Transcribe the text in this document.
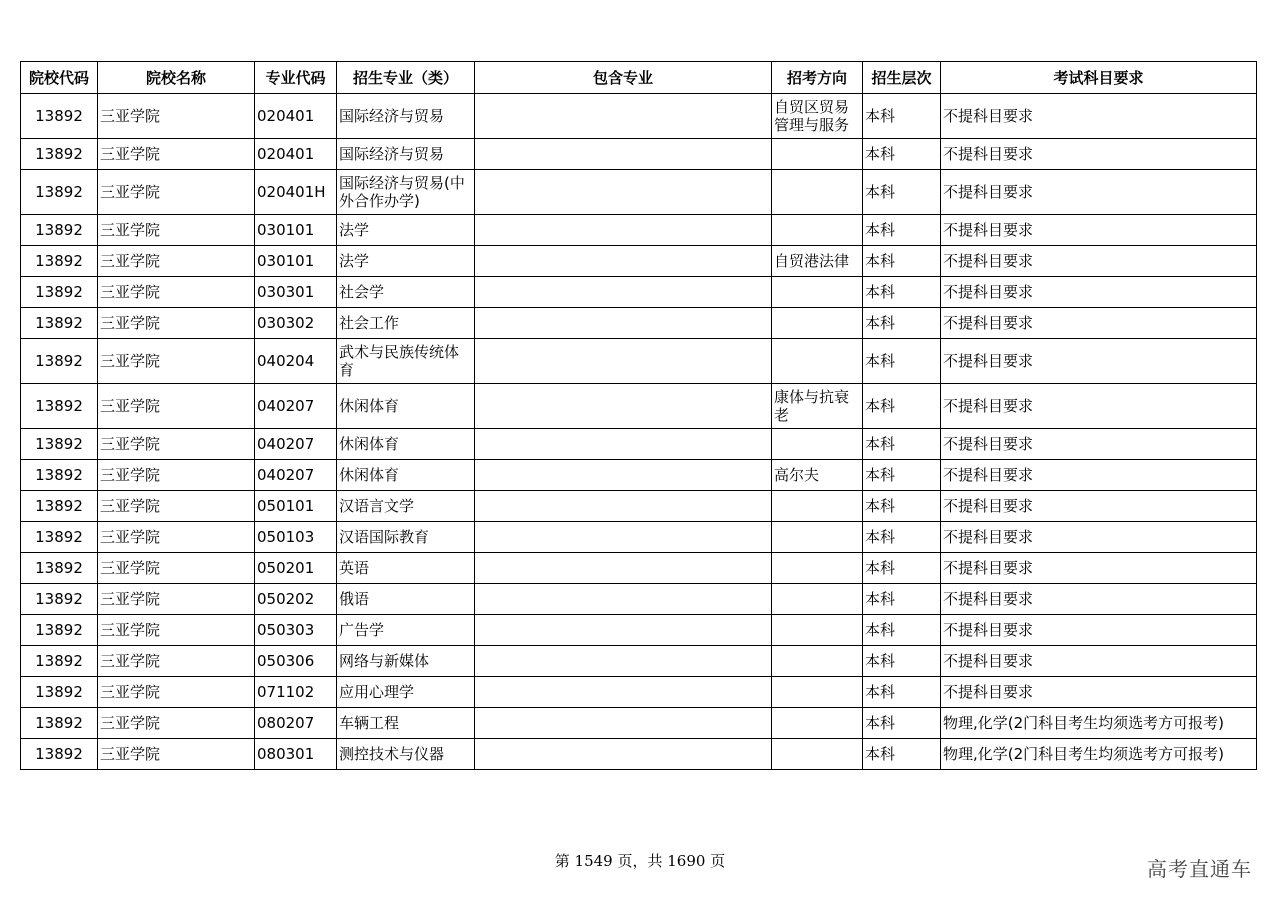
院校代码	院校名称	专业代码	招生专业（类）	包含专业	招考方向	招生层次	考试科目要求
13892	三亚学院	020401	国际经济与贸易		自贸区贸易管理与服务	本科	不提科目要求
13892	三亚学院	020401	国际经济与贸易			本科	不提科目要求
13892	三亚学院	020401H	国际经济与贸易(中外合作办学)			本科	不提科目要求
13892	三亚学院	030101	法学			本科	不提科目要求
13892	三亚学院	030101	法学		自贸港法律	本科	不提科目要求
13892	三亚学院	030301	社会学			本科	不提科目要求
13892	三亚学院	030302	社会工作			本科	不提科目要求
13892	三亚学院	040204	武术与民族传统体育			本科	不提科目要求
13892	三亚学院	040207	休闲体育		康体与抗衰老	本科	不提科目要求
13892	三亚学院	040207	休闲体育			本科	不提科目要求
13892	三亚学院	040207	休闲体育		高尔夫	本科	不提科目要求
13892	三亚学院	050101	汉语言文学			本科	不提科目要求
13892	三亚学院	050103	汉语国际教育			本科	不提科目要求
13892	三亚学院	050201	英语			本科	不提科目要求
13892	三亚学院	050202	俄语			本科	不提科目要求
13892	三亚学院	050303	广告学			本科	不提科目要求
13892	三亚学院	050306	网络与新媒体			本科	不提科目要求
13892	三亚学院	071102	应用心理学			本科	不提科目要求
13892	三亚学院	080207	车辆工程			本科	物理,化学(2门科目考生均须选考方可报考)
13892	三亚学院	080301	测控技术与仪器			本科	物理,化学(2门科目考生均须选考方可报考)
第 1549 页，共 1690 页	高考直通车
